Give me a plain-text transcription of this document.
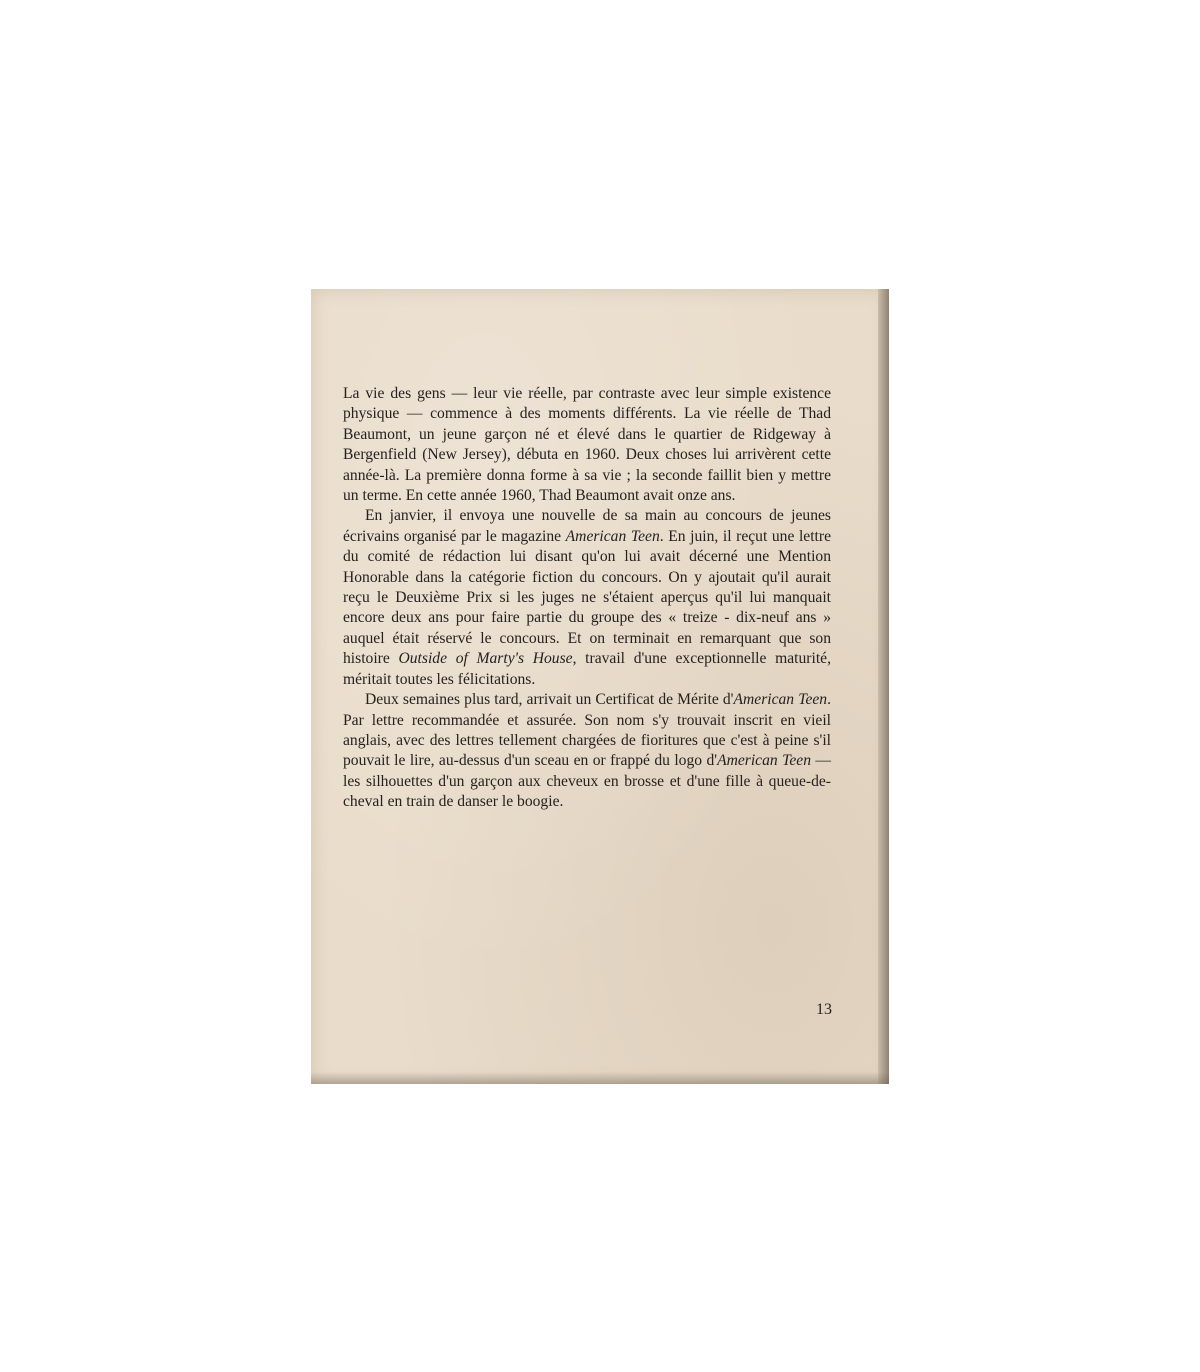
La vie des gens — leur vie réelle, par contraste avec leur simple existence physique — commence à des moments différents. La vie réelle de Thad Beaumont, un jeune garçon né et élevé dans le quartier de Ridgeway à Bergenfield (New Jersey), débuta en 1960. Deux choses lui arrivèrent cette année-là. La première donna forme à sa vie ; la seconde faillit bien y mettre un terme. En cette année 1960, Thad Beaumont avait onze ans.

En janvier, il envoya une nouvelle de sa main au concours de jeunes écrivains organisé par le magazine American Teen. En juin, il reçut une lettre du comité de rédaction lui disant qu'on lui avait décerné une Mention Honorable dans la catégorie fiction du concours. On y ajoutait qu'il aurait reçu le Deuxième Prix si les juges ne s'étaient aperçus qu'il lui manquait encore deux ans pour faire partie du groupe des « treize - dix-neuf ans » auquel était réservé le concours. Et on terminait en remarquant que son histoire Outside of Marty's House, travail d'une exceptionnelle maturité, méritait toutes les félicitations.

Deux semaines plus tard, arrivait un Certificat de Mérite d'American Teen. Par lettre recommandée et assurée. Son nom s'y trouvait inscrit en vieil anglais, avec des lettres tellement chargées de fioritures que c'est à peine s'il pouvait le lire, au-dessus d'un sceau en or frappé du logo d'American Teen — les silhouettes d'un garçon aux cheveux en brosse et d'une fille à queue-de-cheval en train de danser le boogie.

13
